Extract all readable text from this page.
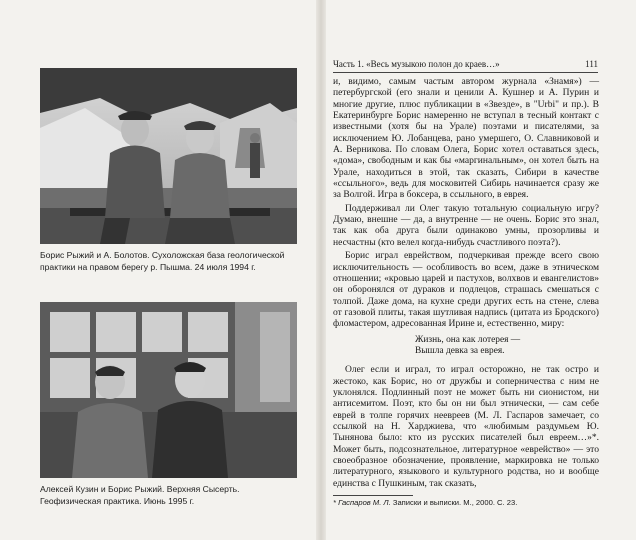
Борис Рыжий и А. Болотов. Сухоложская база геологической практики на правом берегу р. Пышма. 24 июля 1994 г.
Алексей Кузин и Борис Рыжий. Верхняя Сысерть. Геофизическая практика. Июнь 1995 г.
Часть 1. «Весь музыкою полон до краев…»	111

и, видимо, самым частым автором журнала «Знамя») — петербургской (его знали и ценили А. Кушнер и А. Пурин и многие другие, плюс публикации в «Звезде», в "Urbi" и пр.). В Екатеринбурге Борис намеренно не вступал в тесный контакт с известными (хотя бы на Урале) поэтами и писателями, за исключением Ю. Лобанцева, рано умершего, О. Славниковой и А. Верникова. По словам Олега, Борис хотел оставаться здесь, «дома», свободным и как бы «маргинальным», он хотел быть на Урале, находиться в этой, так сказать, Сибири в качестве «ссыльного», ведь для московитей Сибирь начинается сразу же за Волгой. Игра в боксера, в ссыльного, в еврея.

Поддерживал ли Олег такую тотальную социальную игру? Думаю, внешне — да, а внутренне — не очень. Борис это знал, так как оба друга были одинаково умны, прозорливы и несчастны (кто велел когда-нибудь счастливого поэта?).

Борис играл еврейством, подчеркивая прежде всего свою исключительность — особливость во всем, даже в этническом отношении; «кровью царей и пастухов, волхвов и евангелистов» он оборонялся от дураков и подлецов, страшась смешаться с толпой. Даже дома, на кухне среди других есть на стене, слева от газовой плиты, такая шутливая надпись (цитата из Бродского) фломастером, адресованная Ирине и, естественно, миру:

Жизнь, она как лотерея —
Вышла девка за еврея.

Олег если и играл, то играл осторожно, не так остро и жестоко, как Борис, но от дружбы и соперничества с ним не уклонялся. Подлинный поэт не может быть ни сионистом, ни антисемитом. Поэт, кто бы он ни был этнически, — сам себе еврей в толпе горячих неевреев (М. Л. Гаспаров замечает, со ссылкой на Н. Харджиева, что «любимым раздумьем Ю. Тынянова было: кто из русских писателей был евреем…»*. Может быть, подсознательное, литературное «еврейство» — это своеобразное обозначение, проявление, маркировка не только литературного, языкового и культурного родства, но и вообще единства с Пушкиным, так сказать,

* Гаспаров М. Л. Записки и выписки. М., 2000. С. 23.
